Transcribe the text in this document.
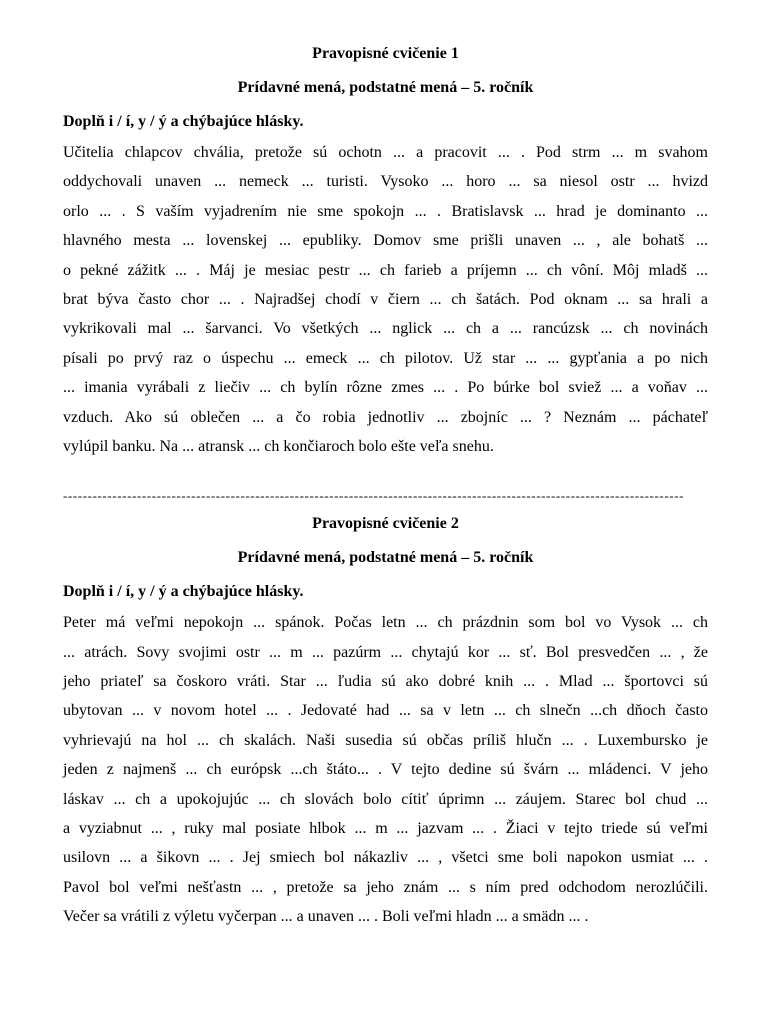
Pravopisné cvičenie 1
Prídavné mená, podstatné mená – 5. ročník

Doplň i / í, y / ý a chýbajúce hlásky.

Učitelia chlapcov chvália, pretože sú ochotn ... a pracovit ... . Pod strm ... m svahom
oddychovali unaven ... nemeck ... turisti. Vysoko ... horo ... sa niesol ostr ... hvizd
orlo ... . S vaším vyjadrením nie sme spokojn ... . Bratislavsk ... hrad je dominanto ...
hlavného mesta ... lovenskej ... epubliky. Domov sme prišli unaven ... , ale bohatš ...
o pekné zážitk ... . Máj je mesiac pestr ... ch farieb a príjemn ... ch vôní. Môj mladš ...
brat býva často chor ... . Najradšej chodí v čiern ... ch šatách. Pod oknam ... sa hrali a
vykrikovali mal ... šarvanci. Vo všetkých ... nglick ... ch a ... rancúzsk ... ch novinách
písali po prvý raz o úspechu ... emeck ... ch pilotov. Už star ... ... gypťania a po nich
... imania vyrábali z liečiv ... ch bylín rôzne zmes ... . Po búrke bol sviež ... a voňav ...
vzduch. Ako sú oblečen ... a čo robia jednotliv ... zbojníc ... ? Neznám ... páchateľ
vylúpil banku. Na ... atransk ... ch končiaroch bolo ešte veľa snehu.
------------------------------------------------------------------------------------------------------------------------------
Pravopisné cvičenie 2
Prídavné mená, podstatné mená – 5. ročník

Doplň i / í, y / ý a chýbajúce hlásky.

Peter má veľmi nepokojn ... spánok. Počas letn ... ch prázdnin som bol vo Vysok ... ch
... atrách. Sovy svojimi ostr ... m ... pazúrm ... chytajú kor ... sť. Bol presvedčen ... , že
jeho priateľ sa čoskoro vráti. Star ... ľudia sú ako dobré knih ... . Mlad ... športovci sú
ubytovan ... v novom hotel ... . Jedovaté had ... sa v letn ... ch slnečn ...ch dňoch často
vyhrievajú na hol ... ch skalách. Naši susedia sú občas príliš hlučn ... . Luxembursko je
jeden z najmenš ... ch európsk ...ch štáto... . V tejto dedine sú švárn ... mládenci. V jeho
láskav ... ch a upokojujúc ... ch slovách bolo cítiť úprimn ... záujem. Starec bol chud ...
a vyziabnut ... , ruky mal posiate hlbok ... m ... jazvam ... . Žiaci v tejto triede sú veľmi
usilovn ... a šikovn ... . Jej smiech bol nákazliv ... , všetci sme boli napokon usmiat ... .
Pavol bol veľmi nešťastn ... , pretože sa jeho znám ... s ním pred odchodom nerozlúčili.
Večer sa vrátili z výletu vyčerpan ... a unaven ... . Boli veľmi hladn ... a smädn ... .
